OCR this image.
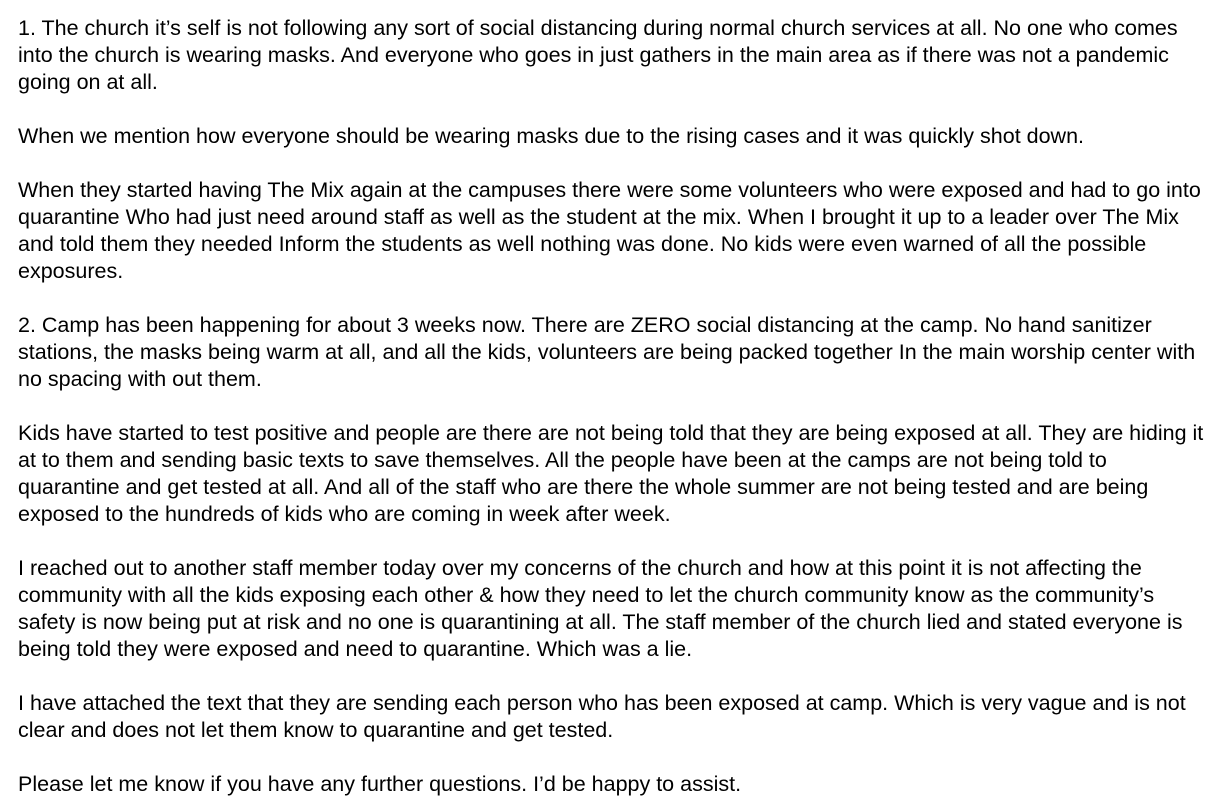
1. The church it’s self is not following any sort of social distancing during normal church services at all. No one who comes into the church is wearing masks. And everyone who goes in just gathers in the main area as if there was not a pandemic going on at all.

When we mention how everyone should be wearing masks due to the rising cases and it was quickly shot down.

When they started having The Mix again at the campuses there were some volunteers who were exposed and had to go into quarantine Who had just need around staff as well as the student at the mix. When I brought it up to a leader over The Mix and told them they needed Inform the students as well nothing was done. No kids were even warned of all the possible exposures.

2. Camp has been happening for about 3 weeks now. There are ZERO social distancing at the camp. No hand sanitizer stations, the masks being warm at all, and all the kids, volunteers are being packed together In the main worship center with no spacing with out them.

Kids have started to test positive and people are there are not being told that they are being exposed at all. They are hiding it at to them and sending basic texts to save themselves. All the people have been at the camps are not being told to quarantine and get tested at all. And all of the staff who are there the whole summer are not being tested and are being exposed to the hundreds of kids who are coming in week after week.

I reached out to another staff member today over my concerns of the church and how at this point it is not affecting the community with all the kids exposing each other & how they need to let the church community know as the community’s safety is now being put at risk and no one is quarantining at all. The staff member of the church lied and stated everyone is being told they were exposed and need to quarantine. Which was a lie.

I have attached the text that they are sending each person who has been exposed at camp. Which is very vague and is not clear and does not let them know to quarantine and get tested.

Please let me know if you have any further questions. I’d be happy to assist.
